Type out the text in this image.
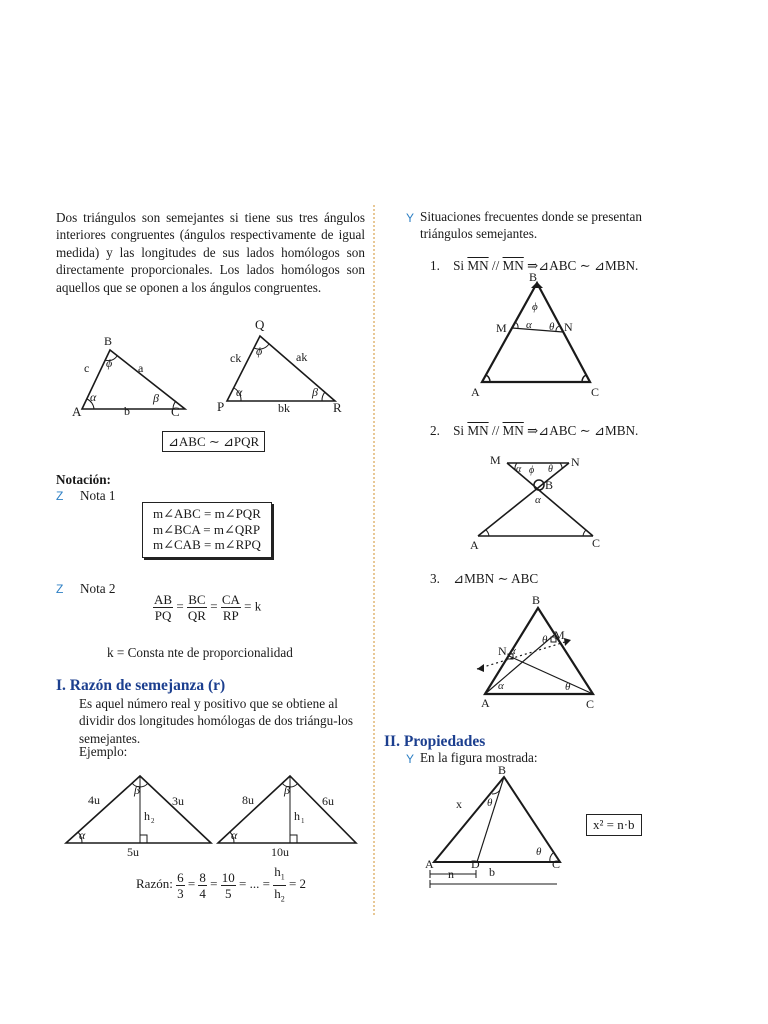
Dos triángulos son semejantes si tiene sus tres ángulos interiores congruentes (ángulos respectivamente de igual medida) y las longitudes de sus lados homólogos son directamente proporcionales. Los lados homólogos son aquellos que se oponen a los ángulos congruentes.
A
B
C
a
b
c
α	β
ϕ
P
Q
R
ak
bk
ck
α	β
ϕ
⊿ABC ∼ ⊿PQR
Notación:
Z Nota 1
m∠ABC = m∠PQR
m∠BCA = m∠QRP
m∠CAB = m∠RPQ
Z Nota 2
$\frac{AB}{PQ} = \frac{BC}{QR} = \frac{CA}{RP} = k$
k = Consta nte de proporcionalidad
I. Razón de semejanza (r)
Es aquel número real y positivo que se obtiene al dividir dos longitudes homólogas de dos triángu-los semejantes.
Ejemplo:
4u	3u
5u
h 2
α
β
8u	6u
10u
h 1
α
β
Razón: $\frac{6}{3} = \frac{8}{4} = \frac{10}{5}$ = ... = $\frac{h_1}{h_2} = 2$
Y Situaciones frecuentes donde se presentan triángulos semejantes.
1. Si $\overline{MN} // \overline{MN}$ ⇒⊿ABC ∼ ⊿MBN.
B
M	N
A	C
α θ
ϕ
2. Si $\overline{MN} // \overline{MN}$ ⇒⊿ABC ∼ ⊿MBN.
M	N
B
A	C
α ϕ θ
α
3. ⊿MBN ∼ ABC
B
N
M
A	C
α
θ
α	θ
II. Propiedades
Y En la figura mostrada:
B
A	C
D
x
n	b
θ
θ
x² = n·b
